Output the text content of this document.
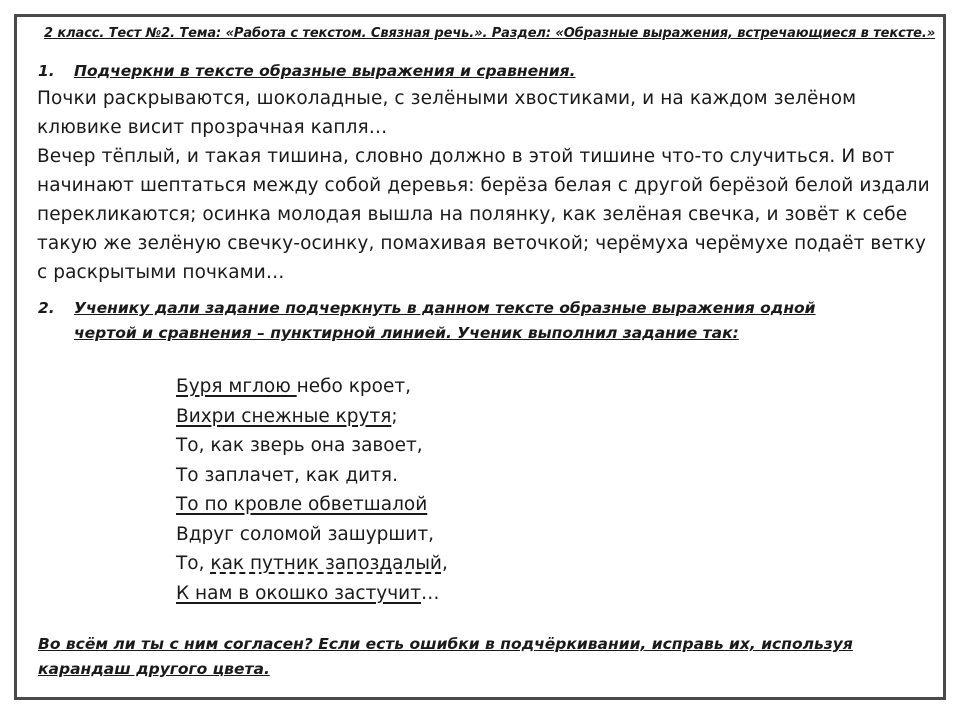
2 класс. Тест №2. Тема: «Работа с текстом. Связная речь.». Раздел: «Образные выражения, встречающиеся в тексте.»
1. Подчеркни в тексте образные выражения и сравнения.

Почки раскрываются, шоколадные, с зелёными хвостиками, и на каждом зелёном клювике висит прозрачная капля…

Вечер тёплый, и такая тишина, словно должно в этой тишине что-то случиться. И вот начинают шептаться между собой деревья: берёза белая с другой берёзой белой издали перекликаются; осинка молодая вышла на полянку, как зелёная свечка, и зовёт к себе такую же зелёную свечку-осинку, помахивая веточкой; черёмуха черёмухе подаёт ветку с раскрытыми почками…

2. Ученику дали задание подчеркнуть в данном тексте образные выражения одной
чертой и сравнения – пунктирной линией. Ученик выполнил задание так:
Буря мглою небо кроет,
Вихри снежные крутя;
То, как зверь она завоет,
То заплачет, как дитя.
То по кровле обветшалой
Вдруг соломой зашуршит,
То, как путник запоздалый,
К нам в окошко застучит…
Во всём ли ты с ним согласен? Если есть ошибки в подчёркивании, исправь их, используя карандаш другого цвета.
